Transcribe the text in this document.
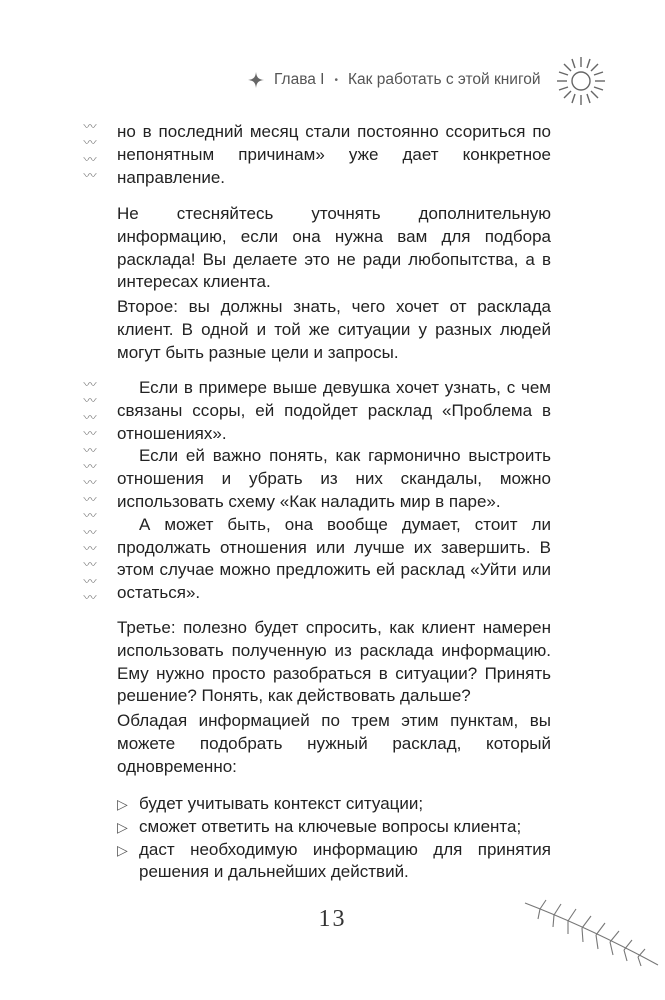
Глава I • Как работать с этой книгой
〰
〰
〰
〰

но в последний месяц стали постоянно ссориться по непонятным причинам» уже дает конкретное направление.

Не стесняйтесь уточнять дополнительную информацию, если она нужна вам для подбора расклада! Вы делаете это не ради любопытства, а в интересах клиента.

Второе: вы должны знать, чего хочет от расклада клиент. В одной и той же ситуации у разных людей могут быть разные цели и запросы.

〰
〰
〰
〰
〰
〰
〰
〰
〰
〰
〰
〰
〰
〰

Если в примере выше девушка хочет узнать, с чем связаны ссоры, ей подойдет расклад «Проблема в отношениях».

Если ей важно понять, как гармонично выстроить отношения и убрать из них скандалы, можно использовать схему «Как наладить мир в паре».

А может быть, она вообще думает, стоит ли продолжать отношения или лучше их завершить. В этом случае можно предложить ей расклад «Уйти или остаться».

Третье: полезно будет спросить, как клиент намерен использовать полученную из расклада информацию. Ему нужно просто разобраться в ситуации? Принять решение? Понять, как действовать дальше?

Обладая информацией по трем этим пунктам, вы можете подобрать нужный расклад, который одновременно:

▷ будет учитывать контекст ситуации;
▷ сможет ответить на ключевые вопросы клиента;
▷ даст необходимую информацию для принятия решения и дальнейших действий.
13
